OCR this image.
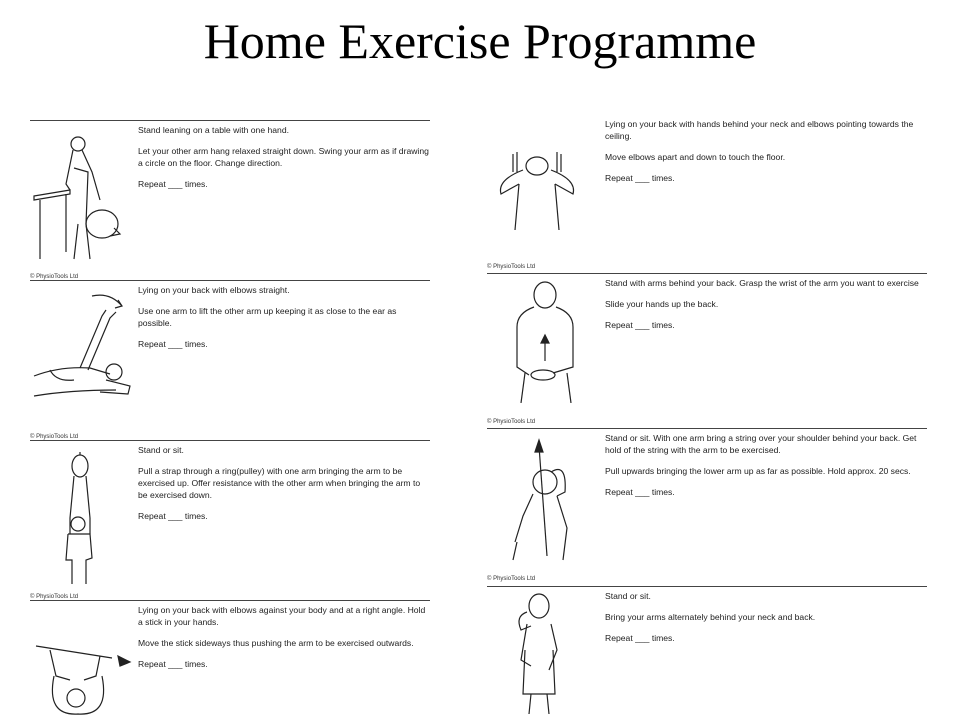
Home Exercise Programme

Stand leaning on a table with one hand.

Let your other arm hang relaxed straight down. Swing your arm as if drawing a circle on the floor. Change direction.

Repeat ___ times.

© PhysioTools Ltd

Lying on your back with elbows straight.

Use one arm to lift the other arm up keeping it as close to the ear as possible.

Repeat ___ times.

© PhysioTools Ltd

Stand or sit.

Pull a strap through a ring(pulley) with one arm bringing the arm to be exercised up. Offer resistance with the other arm when bringing the arm to be exercised down.

Repeat ___ times.

© PhysioTools Ltd

Lying on your back with elbows against your body and at a right angle. Hold a stick in your hands.

Move the stick sideways thus pushing the arm to be exercised outwards.

Repeat ___ times.

Lying on your back with hands behind your neck and elbows pointing towards the ceiling.

Move elbows apart and down to touch the floor.

Repeat ___ times.

© PhysioTools Ltd

Stand with arms behind your back. Grasp the wrist of the arm you want to exercise

Slide your hands up the back.

Repeat ___ times.

© PhysioTools Ltd

Stand or sit. With one arm bring a string over your shoulder behind your back. Get hold of the string with the arm to be exercised.

Pull upwards bringing the lower arm up as far as possible. Hold approx. 20 secs.

Repeat ___ times.

© PhysioTools Ltd

Stand or sit.

Bring your arms alternately behind your neck and back.

Repeat ___ times.
